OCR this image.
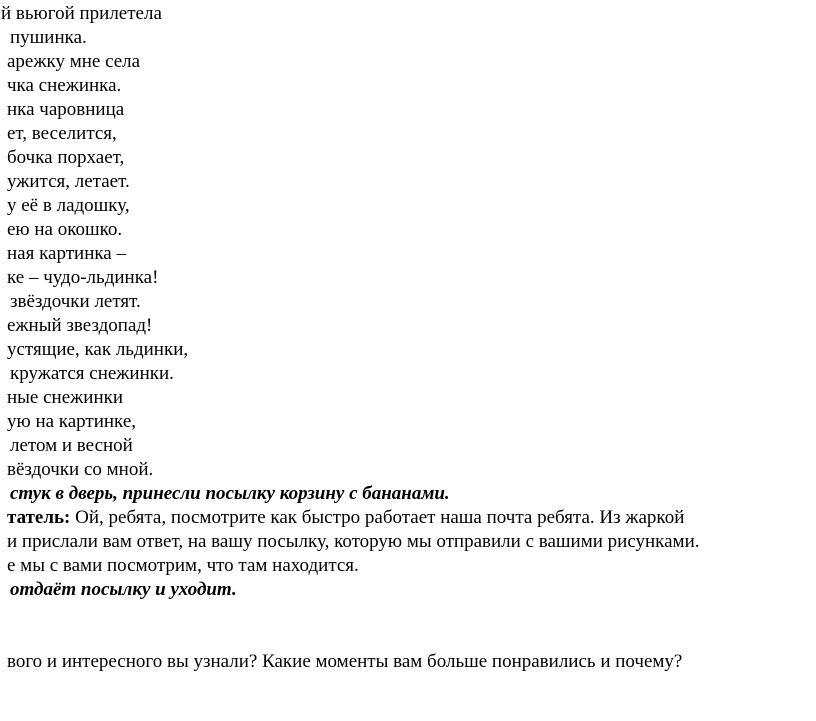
й вьюгой прилетела
пушинка.
арежку мне села
чка снежинка.
нка чаровница
ет, веселится,
бочка порхает,
ужится, летает.
у её в ладошку,
ею на окошко.
ная картинка –
ке – чудо-льдинка!
звёздочки летят.
ежный звездопад!
устящие, как льдинки,
кружатся снежинки.
ные снежинки
ую на картинке,
летом и весной
вёздочки со мной.
стук в дверь, принесли посылку корзину с бананами.
татель: Ой, ребята, посмотрите как быстро работает наша почта ребята. Из жаркой
и прислали вам ответ, на вашу посылку, которую мы отправили с вашими рисунками.
е мы с вами посмотрим, что там находится.
отдаёт посылку и уходит.
вого и интересного вы узнали? Какие моменты вам больше понравились и почему?
